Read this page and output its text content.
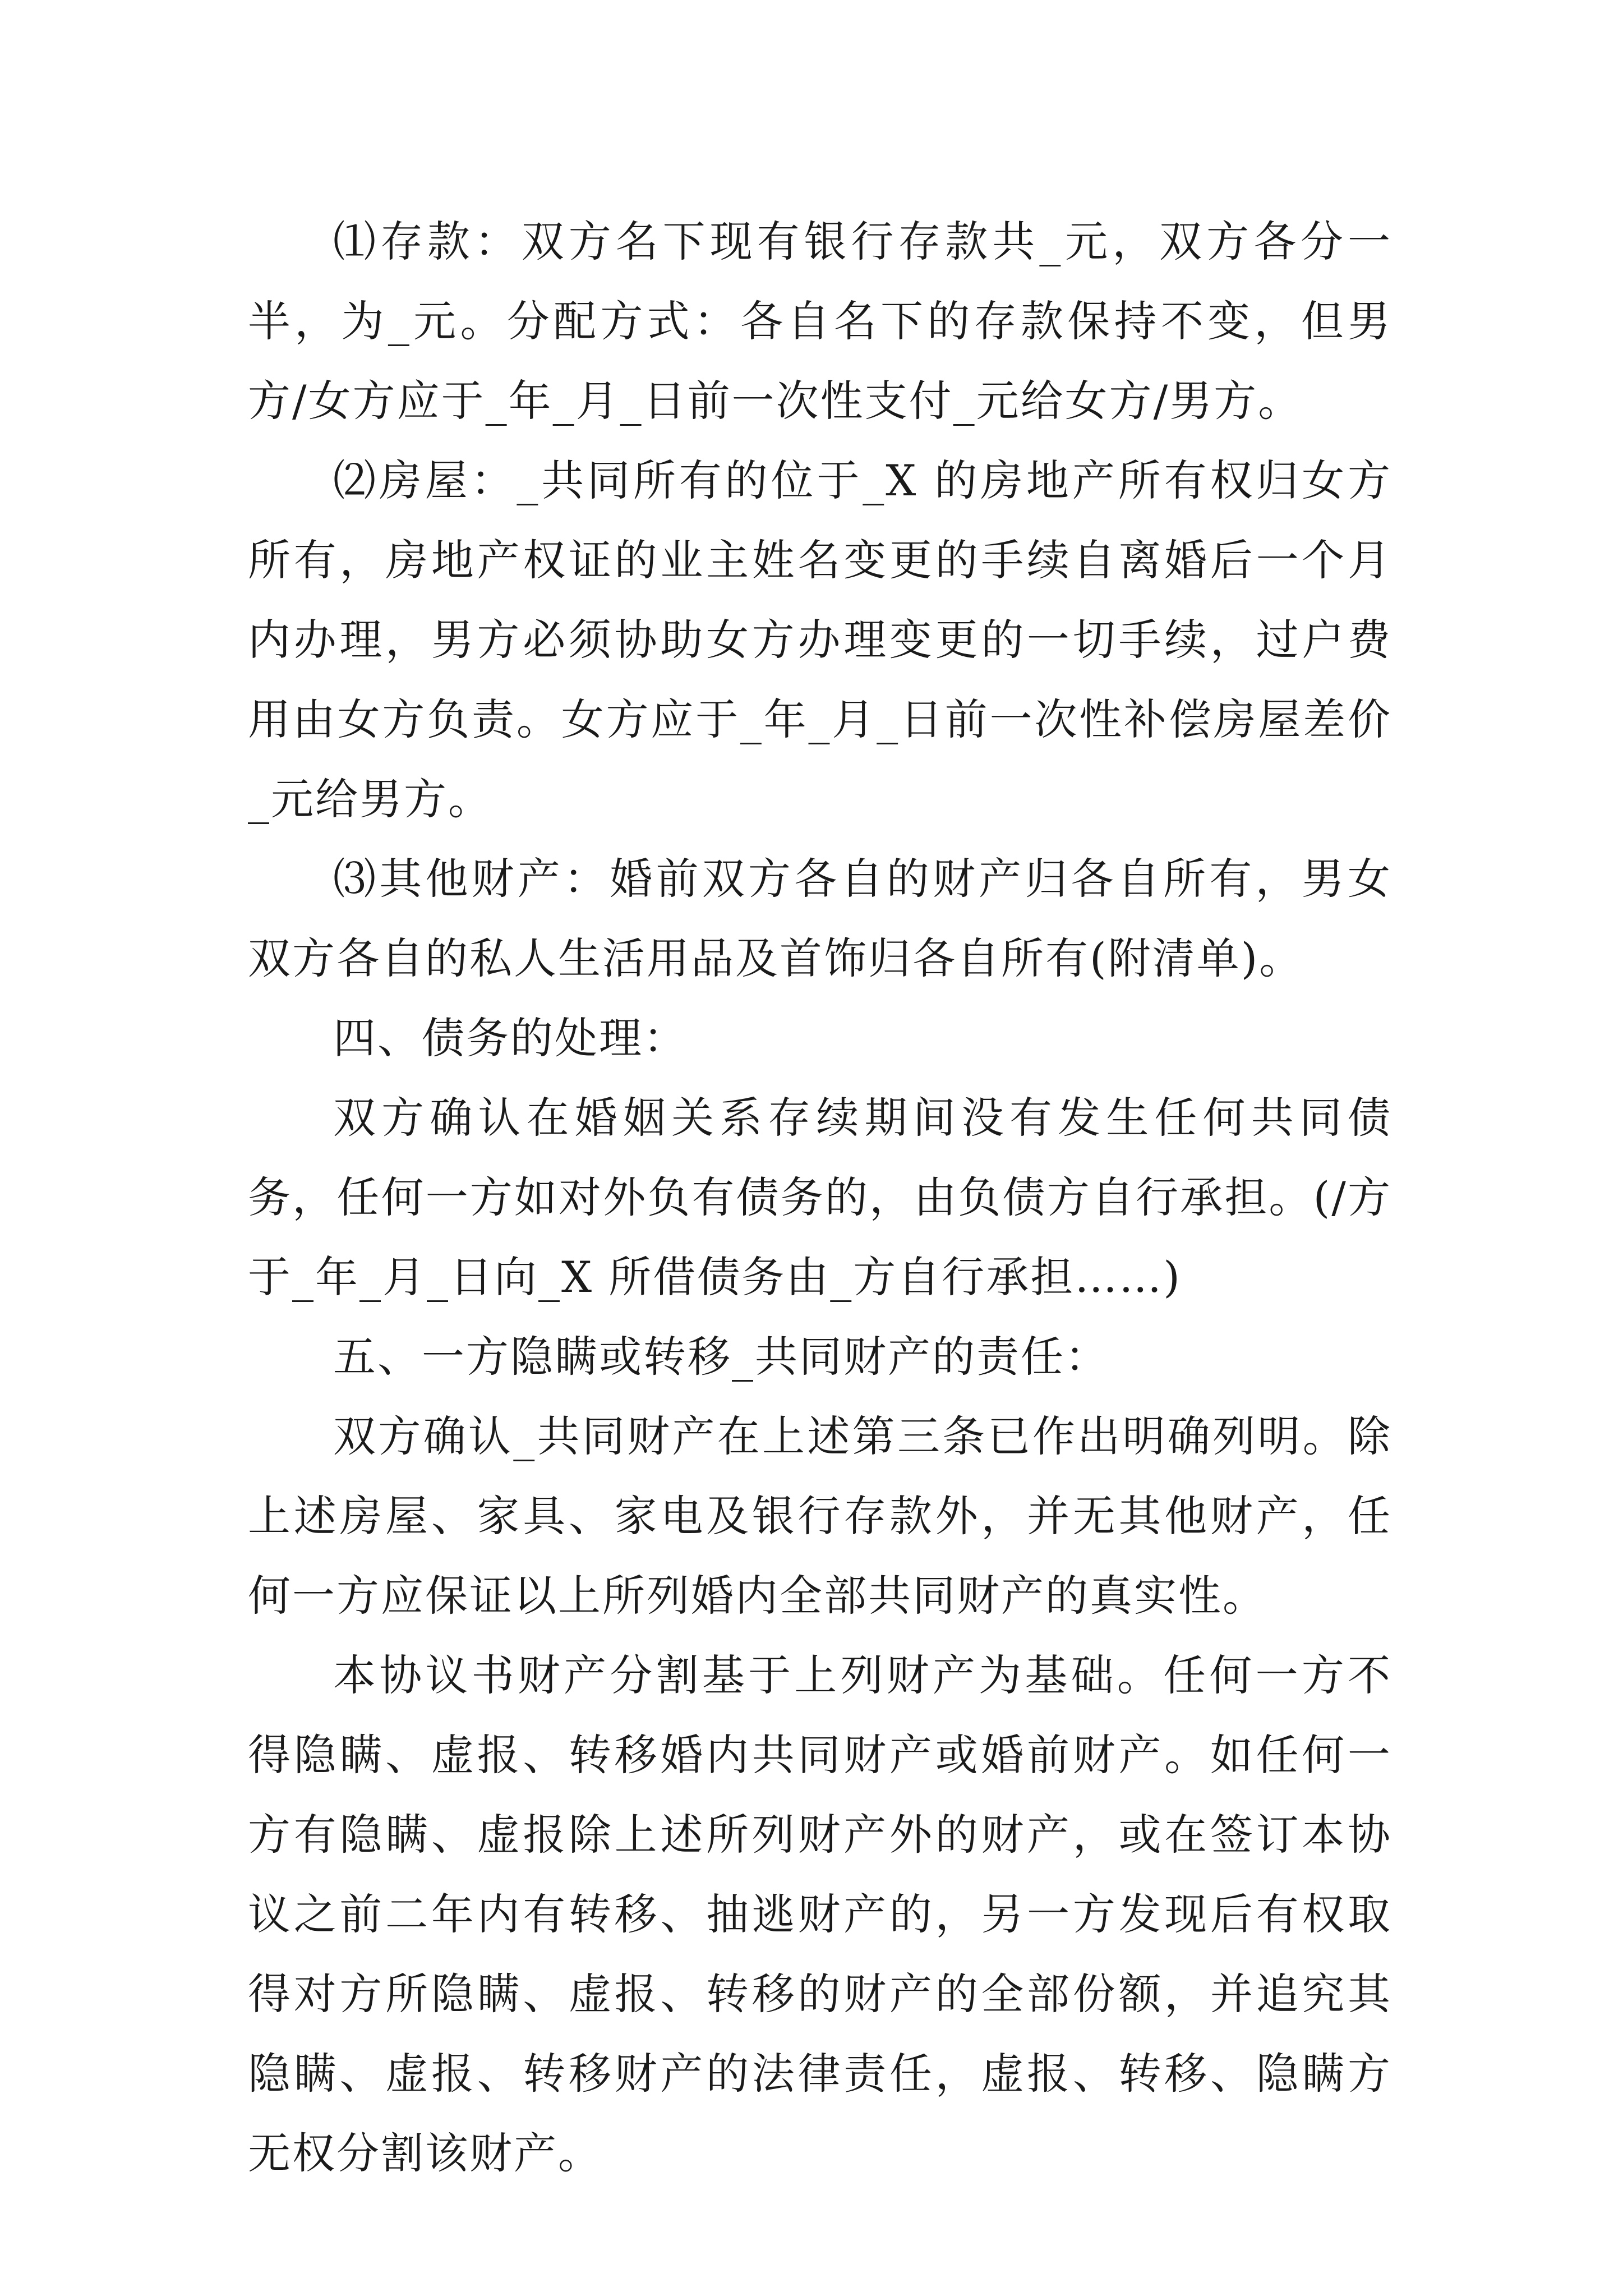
⑴存款：双方名下现有银行存款共_元，双方各分一半，为_元。分配方式：各自名下的存款保持不变，但男方/女方应于_年_月_日前一次性支付_元给女方/男方。

⑵房屋：_共同所有的位于_X 的房地产所有权归女方所有，房地产权证的业主姓名变更的手续自离婚后一个月内办理，男方必须协助女方办理变更的一切手续，过户费用由女方负责。女方应于_年_月_日前一次性补偿房屋差价_元给男方。

⑶其他财产：婚前双方各自的财产归各自所有，男女双方各自的私人生活用品及首饰归各自所有(附清单)。

四、债务的处理：

双方确认在婚姻关系存续期间没有发生任何共同债务，任何一方如对外负有债务的，由负债方自行承担。(/方于_年_月_日向_X 所借债务由_方自行承担……)

五、一方隐瞒或转移_共同财产的责任：

双方确认_共同财产在上述第三条已作出明确列明。除上述房屋、家具、家电及银行存款外，并无其他财产，任何一方应保证以上所列婚内全部共同财产的真实性。

本协议书财产分割基于上列财产为基础。任何一方不得隐瞒、虚报、转移婚内共同财产或婚前财产。如任何一方有隐瞒、虚报除上述所列财产外的财产，或在签订本协议之前二年内有转移、抽逃财产的，另一方发现后有权取得对方所隐瞒、虚报、转移的财产的全部份额，并追究其隐瞒、虚报、转移财产的法律责任，虚报、转移、隐瞒方无权分割该财产。
